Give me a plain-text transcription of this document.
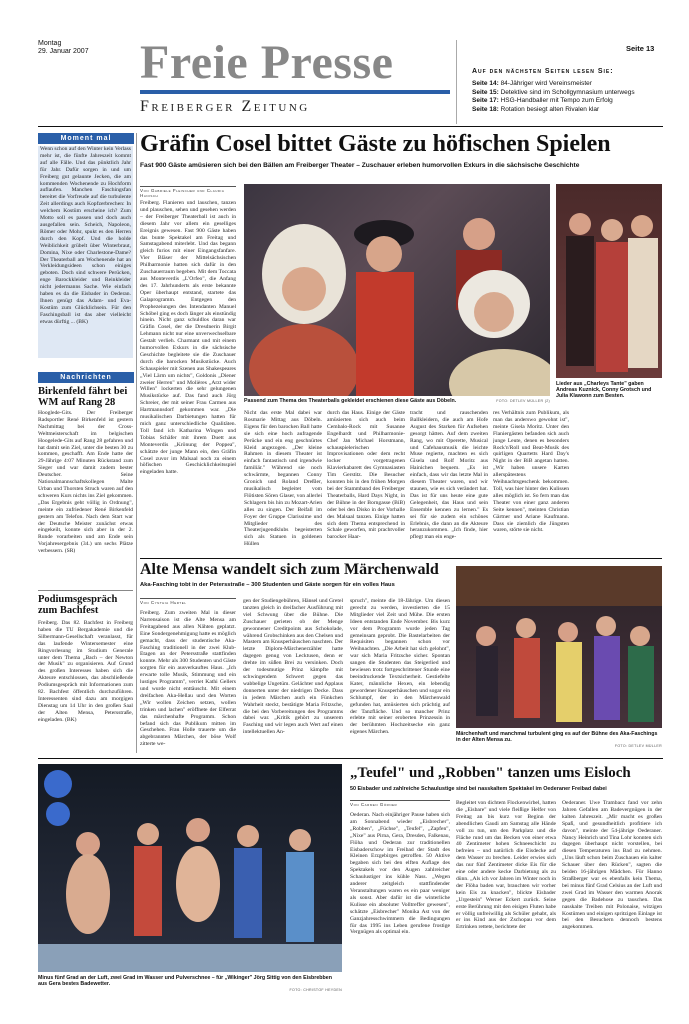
Montag
29. Januar 2007 Freie Presse
Freiberger Zeitung
Seite 13
Auf den nächsten Seiten lesen Sie:
Seite 14: 84-Jähriger wird Vereinsmeister
Seite 15: Detektive sind im Schollgymnasium unterwegs
Seite 17: HSG-Handballer mit Tempo zum Erfolg
Seite 18: Rotation besiegt alten Rivalen klar
Moment mal
Wenn schon auf den Winter kein Verlass mehr ist, die fünfte Jahreszeit kommt auf alle Fälle. Und das pünktlich Jahr für Jahr. Dafür sorgen in und um Freiberg gut gelaunte Jecken, die am kommenden Wochenende zu Hochform auflaufen. Manchen Faschingsfan bereitet die Vorfreude auf die turbulente Zeit allerdings auch Kopfzerbrechen: In welchem Kostüm erscheine ich? Zum Motto soll es passen und doch auch ausgefallen sein. Scheich, Napoleon, Römer oder Mohr, spukt es den Herren durch den Kopf. Und die holde Weiblichkeit grübelt über Winterbraut, Domina, Nixe oder Charlestone-Dame? Der Theaterball am Wochenende hat an Verkleidungsideen schon einiges geboten. Doch sind schwere Perücken, enge Barockkleider und Reinkleider nicht jedermanns Sache. Wie einfach haben es da die Eisbader in Oederan. Ihnen genügt das Adam- und Eva-Kostüm zum Glücklichsein. Für den Faschingsball ist das aber vielleicht etwas dürftig ... (BK)
Nachrichten
Birkenfeld fährt bei WM auf Rang 28
Hooglede-Gits. Der Freiberger Radsportler René Birkenfeld ist gestern Nachmittag bei der Cross-Weltmeisterschaft im belgischen Hoogelede-Gits auf Rang 28 gefahren und hat damit sein Ziel, unter die besten 30 zu kommen, geschafft. Am Ende hatte der 29-Jährige 4:07 Minuten Rückstand zum Sieger und war damit zudem bester Deutscher. Seine Nationalmannschaftskollegen Malte Urban und Thorsten Struch waren auf den schweren Kurs nichts ins Ziel gekommen. „Das Ergebnis geht völlig in Ordnung", meinte ein zufriedener René Birkenfeld gestern am Telefon. Nach dem Start war der Deutsche Meister zunächst etwas eingekeilt, konnte sich aber in der 2. Runde vorarbeiten und am Ende sein Vorjahresergebnis (34.) um sechs Plätze verbessern. (SR)
Podiumsgespräch zum Bachfest
Freiberg. Das 82. Bachfest in Freiberg haben die TU Bergakademie und die Silbermann-Gesellschaft veranlasst, für das laufende Wintersemester eine Ringvorlesung im Studium Generale unter dem Thema „Bach – der Newton der Musik" zu organisieren. Auf Grund des großen Interesses haben sich die Akteure entschlossen, das abschließende Podiumsgespräch mit Informationen zum 82. Bachfest öffentlich durchzuführen. Interessenten sind dazu am morgigen Dienstag um 14 Uhr in den großen Saal der Alten Mensa, Petersstraße, eingeladen. (BK)
Gräfin Cosel bittet Gäste zu höfischen Spielen
Fast 900 Gäste amüsieren sich bei den Bällen am Freiberger Theater – Zuschauer erleben humorvollen Exkurs in die sächsische Geschichte
Von Gabriele Fleischer und Claudia Hanisch
Freiberg. Flanieren und lauschen, tanzen und plauschen, sehen und gesehen werden – der Freiberger Theaterball ist auch in diesem Jahr vor allem ein geselliges Ereignis gewesen. Fast 900 Gäste haben das bunte Spektakel am Freitag und Samstagabend miterlebt. Und das begann gleich furios mit einer Eingangsfanfare. Vier Bläser der Mittelsächsischen Philharmonie hatten sich dafür in den Zuschauerraum begeben. Mit dem Toccata aus Monteverdis „L'Orfeo", die Anfang des 17. Jahrhunderts als erste bekannte Oper überhaupt entstand, startete das Galaprogramm. Entgegen den Prophezeiungen des Intendanten Manuel Schöbel ging es doch länger als einstündig hinein. Nicht ganz schuldlos daran war Gräfin Cosel, der die Dresdnerin Birgit Lehmann nicht nur eine unverwechselbare Gestalt verlieh. Charmant und mit einem humorvollen Exkurs in die sächsische Geschichte begleitete sie die Zuschauer durch die barocken Musikstücke. Auch Schauspieler mit Szenen aus Shakespeares „Viel Lärm um nichts", Goldonis „Diener zweier Herren" und Molières „Arzt wider Willen" lockerten die sehr gelungenen Musikstücke auf. Das fand auch Jörg Schreier, der mit seiner Frau Carmen aus Hartmannsdorf gekommen war. „Die musikalischen Darbietungen hatten für mich ganz unterschiedliche Qualitäten. Toll fand ich Katharina Wingen und Tobias Schäfer mit ihrem Duett aus Monteverdis „Krönung der Poppea", schätzte der junge Mann ein, den Gräfin Cosel zuvor im Malsaal noch zu einem höfischen Geschicklichkeitsspiel eingeladen hatte.
Passend zum Thema des Theaterballs gekleidet erschienen diese Gäste aus Döbeln.	FOTO: DETLEV MÜLLER (2)
Lieder aus „Charleys Tante" gaben Andreas Kuznick, Conny Grotsch und Julia Klawonn zum Besten.
Nicht das erste Mal dabei war Rosmarie Mittag aus Döbeln. Eigens für den barocken Ball hatte sie sich eine hoch aufragende Perücke und ein eng geschnürtes Kleid angezogen. „Der kleine Rahmen in diesem Theater ist einfach fantastisch und irgendwie familiär." Während sie noch schwärmte, begannen Conny Gronich und Roland Dreßler, musikalisch begleitet vom Flötisten Sören Glaser, von allerlei Schlagern bis hin zu Mozart-Arien alles zu singen. Der Beifall im Foyer der Gruppe Clarissime und Mitglieder des Theaterjugendklubs begeisterten sich als Statuen in goldenen Hüllen
durch das Haus. Einige der Gäste amüsierten sich auch beim Cembalo-Rock mit Susanne Engelhardt und Philharmonie-Chef Jan Michael Horstmann, schauspielerischen Improvisationen oder dem recht locker vorgetragenen Klavierkabarett des Gymnasiasten Tim Gerstitz. Die Besucher konnten bis in den frühen Morgen bei der Stammband des Freiberger Theaterballs, Hard Days Night, in der Bühne in der Borngasse (BiB) oder bei den Disko in der Vorhalle des Malsaal tanzen. Einige hatten sich dem Thema entsprechend in Schale geworfen, mit prachtvoller barocker Haar-
tracht und rauschenden Ballkleidern, die auch am Hofe August des Starken für Aufsehen gesorgt hätten. Auf dem zweiten Rang, wo mit Operette, Musical und Cafehausmusik die leichte Muse regierte, machten es sich Gisela und Rolf Moritz aus Hainichen bequem. „Es ist einfach, dass wir das letzte Mal in diesem Theater waren, und wir staunen, wie es sich verändert hat. Das ist für uns heute eine gute Gelegenheit, das Haus und sein Ensemble kennen zu lernen." Es sei für sie zudem ein schönes Erlebnis, die dann an die Akteure heranzukommen. „Ich finde, hier pflegt man ein enge-
res Verhältnis zum Publikum, als man das anderswo gewohnt ist", meinte Gisela Moritz. Unter den Flaniergästen befanden sich auch junge Leute, denen es besonders Rock'n'Roll und Beat-Musik des quirligen Quartetts Hard Day's Night in der BiB angetan hatten. „Wir haben unsere Karten allerspätestens Weihnachtsgeschenk bekommen. Toll, was hier hinter den Kulissen alles möglich ist. So fern man das Theater von einer ganz anderen Seite kennen", meinten Christian Gärtner und Ariane Kaufmann. Dass sie ziemlich die Jüngsten waren, störte sie nicht.
Alte Mensa wandelt sich zum Märchenwald
Aka-Fasching tobt in der Petersstraße – 300 Studenten und Gäste sorgen für ein volles Haus
Von Cynthia Hertel
Freiberg. Zum zweiten Mal in dieser Narrensaison ist die Alte Mensa am Freitagabend aus allen Nähten geplatzt. Eine Sondergenehmigung hatte es möglich gemacht, dass der studentische Aka-Fasching traditionell in der zwei Klub-Etagen an der Petersstraße stattfinden konnte. Mehr als 300 Studenten und Gäste sorgten für ein ausverkauftes Haus. „Ich erwarte tolle Musik, Stimmung und ein lustiges Programm", verriet Kathi Gellers und wurde nicht enttäuscht. Mit einem dreifachen Aka-Hellau und den Worten „Wir wollen Zeichen setzen, wollen trinken und lachen" eröffnete der Elferrat das märchenhafte Programm. Schon befand sich das Publikum mitten im Geschehen. Frau Holle trauerte um die abgebrannten Märchen, der böse Wolf zitterte we-
gen der Studiengebühren, Hänsel und Gretel tanzten gleich in dreifacher Ausführung mit viel Schwung über die Bühne. Die Zuschauer gerieten ob der Menge gewonnener Creditpoints aus Schokolade, während Grobschinken aus den Chelsen und Mastern am Knusperhäuschen naschten. Der letzte Diplom-Märchenerzähler hatte dagegen genug von Lecktusen, denn er drehte im süßen Brei zu versinken. Doch der todesmutige Prinz kämpfte mit schwingendem Schwert gegen das wabbelige Ungetüm. Gelächter und Applaus donnerten unter der niedrigen Decke. Dass in jedem Märchen auch ein Fünkchen Wahrheit steckt, bestätigte Maria Fritzsche, die bei den Vorbereitungen des Programms dabei war. „Kritik gehört zu unserem Fasching und wir legen auch Wert auf einen intellektuellen An-
spruch", meinte die 18-Jährige. Um diesen gerecht zu werden, investierten die 15 Mitglieder viel Zeit und Mühe. Die ersten Ideen entstanden Ende November. Bis kurz vor dem Programm wurde jeden Tag gemeinsam geprobt. Die Bastelarbeiten der Requisiten begannen schon vor Weihnachten. „Die Arbeit hat sich gelohnt", war sich Maria Fritzsche sicher. Spontan sangen die Studenten das Steigerlied und bewiesen trotz fortgeschrittener Stunde eine beeindruckende Textsicherheit. Gestiefelte Kater, männliche Hexen, ein lebendig gewordener Knusperhäuschen und sogar ein Schlumpf, der in den Märchenwald gefunden hat, amüsierten sich prächtig auf der Tanzfläche. Und so mancher Prinz erlebte mit seiner eroberten Prinzessin in der berühmten Hochzeitsecke ein ganz eigenes Märchen.	Märchenhaft und manchmal turbulent ging es auf der Bühne des Aka-Faschings in der Alten Mensa zu.
FOTO: DETLEV MÜLLER
Minus fünf Grad an der Luft, zwei Grad im Wasser und Pulverschnee – für „Wikinger" Jörg Sittig von den Eisbrebben aus Gera bestes Badewetter.
FOTO: CHRISTOF HEYDEN
„Teufel" und „Robben" tanzen ums Eisloch
50 Eisbader und zahlreiche Schaulustige sind bei nasskaltem Spektakel im Oederaner Freibad dabei
Von Carmen Görner
Oederan. Nach einjähriger Pause haben sich am Sonnabend wieder „Eisbrecher", „Robben", „Füchse", „Teufel", „Zapfen", „Nixe" aus Pirna, Gera, Dresden, Falkenau, Flöha und Oederan zur traditionellen Eisbaderschow im Freibad der Stadt des Kleinen Erzgebirges getroffen. 50 Aktive begaben sich bei den elften Auflage des Spektakels vor den Augen zahlreicher Schaulustiger ins kühle Nass. „Wegen anderer zeitgleich stattfindender Veranstaltungen waren es ein paar weniger als sonst. Aber dafür ist die winterliche Kulisse ein absoluter Volltreffer gewesen", schätzte „Eisbrecher" Monika Ast von der Ganzjahresschwimmern die Bedingungen für das 1995 ins Leben gerufene frostige Vergnügen als optimal ein.
Begleitet von dichtem Flockenwirbel, hatten die „Eisbare" und viele fleißige Helfer von Freitag an bis kurz vor Beginn der abendlichen Gaudi am Samstag alle Hände voll zu tun, um den Parkplatz und die Fläche rund um das Becken von einer etwa 40 Zentimeter hohen Schneeschicht zu befreien – und natürlich die Eisdecke auf dem Wasser zu brechen. Leider erwies sich das nur fünf Zentimeter dicke Eis für die eine oder andere kecke Darbietung als zu dünn. „Als ich vor Jahren im Winter noch in der Flöha baden war, brauchten wir vorher kein Eis zu knacken", blickte Eisbader „Urgestein" Werner Eckert zurück. Seine erste Berührung mit den eisigen Fluten habe er völlig unfreiwillig als Schüler gehabt, als er ins Kind aus der Zschopau vor dem Ertrinken rettete, berichtete der
Oederaner. Uwe Trambacz fand vor zehn Jahren Gefallen am Badevergnügen in der kalten Jahreszeit. „Mir macht es großen Spaß, und gesundheitlich profitiere ich davon", meinte der 54-jährige Oederaner. Nancy Heinrich und Tina Lohr konnten sich dagegen überhaupt nicht vorstellen, bei diesen Temperaturen ins Bad zu nehmen. „Uns läuft schon beim Zuschauen ein kalter Schauer über den Rücken", sagten die beiden 16-jährigen Mädchen. Für Hanno Straßberger war es ebenfalls kein Thema, bei minus fünf Grad Celsius an der Luft und zwei Grad im Wasser den warmen Anorak gegen die Badehose zu tauschen. Das nasskalte Treiben mit Polonaise, witzigen Kostümen und einigen spritzigen Einlage ist bei den Besuchern dennoch bestens angekommen.
